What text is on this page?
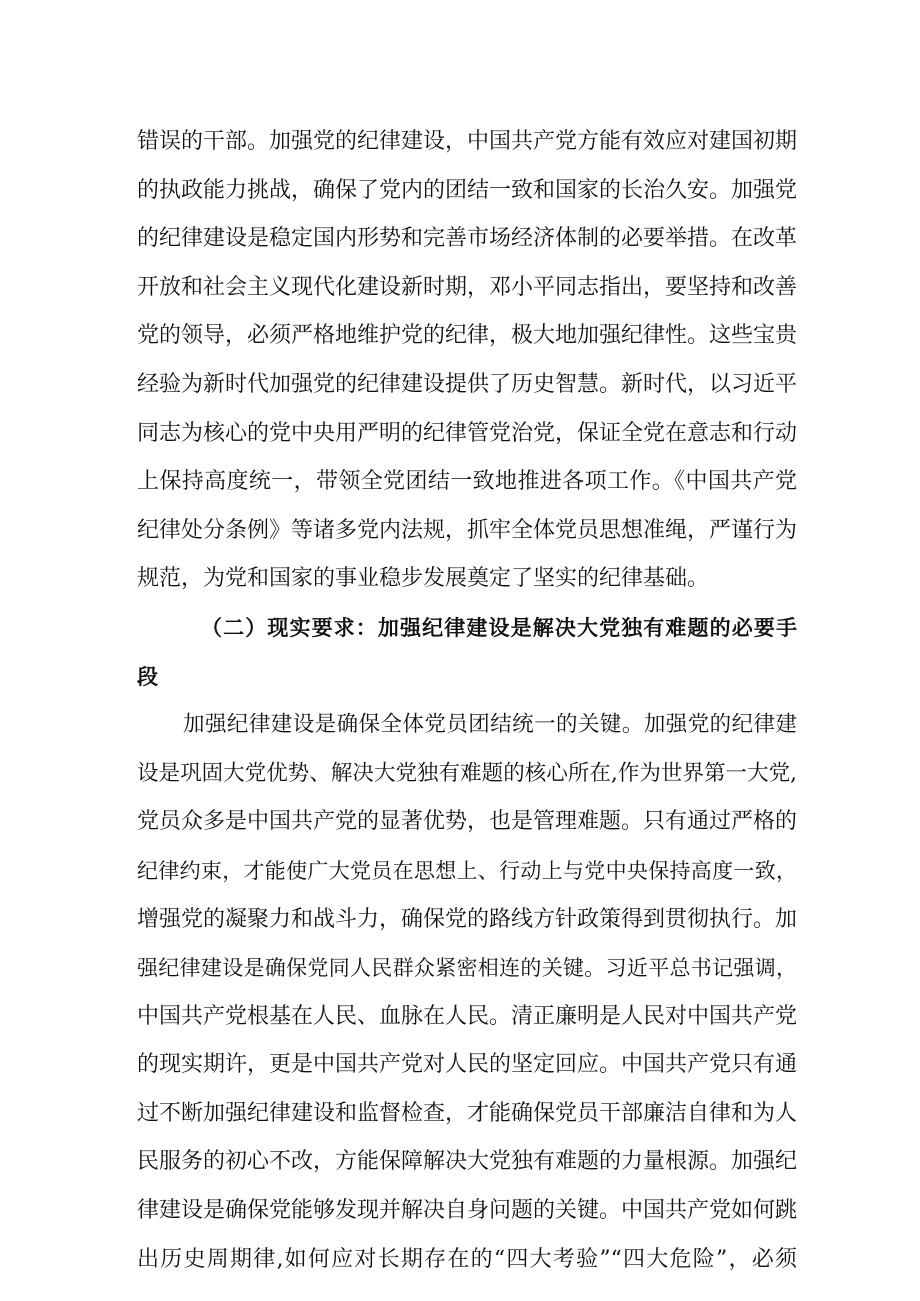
错误的干部。加强党的纪律建设，中国共产党方能有效应对建国初期
的执政能力挑战，确保了党内的团结一致和国家的长治久安。加强党
的纪律建设是稳定国内形势和完善市场经济体制的必要举措。在改革
开放和社会主义现代化建设新时期，邓小平同志指出，要坚持和改善
党的领导，必须严格地维护党的纪律，极大地加强纪律性。这些宝贵
经验为新时代加强党的纪律建设提供了历史智慧。新时代，以习近平
同志为核心的党中央用严明的纪律管党治党，保证全党在意志和行动
上保持高度统一，带领全党团结一致地推进各项工作。《中国共产党
纪律处分条例》等诸多党内法规，抓牢全体党员思想准绳，严谨行为
规范，为党和国家的事业稳步发展奠定了坚实的纪律基础。
（二）现实要求：加强纪律建设是解决大党独有难题的必要手
段
加强纪律建设是确保全体党员团结统一的关键。加强党的纪律建
设是巩固大党优势、解决大党独有难题的核心所在,作为世界第一大党,
党员众多是中国共产党的显著优势，也是管理难题。只有通过严格的
纪律约束，才能使广大党员在思想上、行动上与党中央保持高度一致，
增强党的凝聚力和战斗力，确保党的路线方针政策得到贯彻执行。加
强纪律建设是确保党同人民群众紧密相连的关键。习近平总书记强调，
中国共产党根基在人民、血脉在人民。清正廉明是人民对中国共产党
的现实期许，更是中国共产党对人民的坚定回应。中国共产党只有通
过不断加强纪律建设和监督检查，才能确保党员干部廉洁自律和为人
民服务的初心不改，方能保障解决大党独有难题的力量根源。加强纪
律建设是确保党能够发现并解决自身问题的关键。中国共产党如何跳
出历史周期律,如何应对长期存在的“四大考验”“四大危险”，必须
